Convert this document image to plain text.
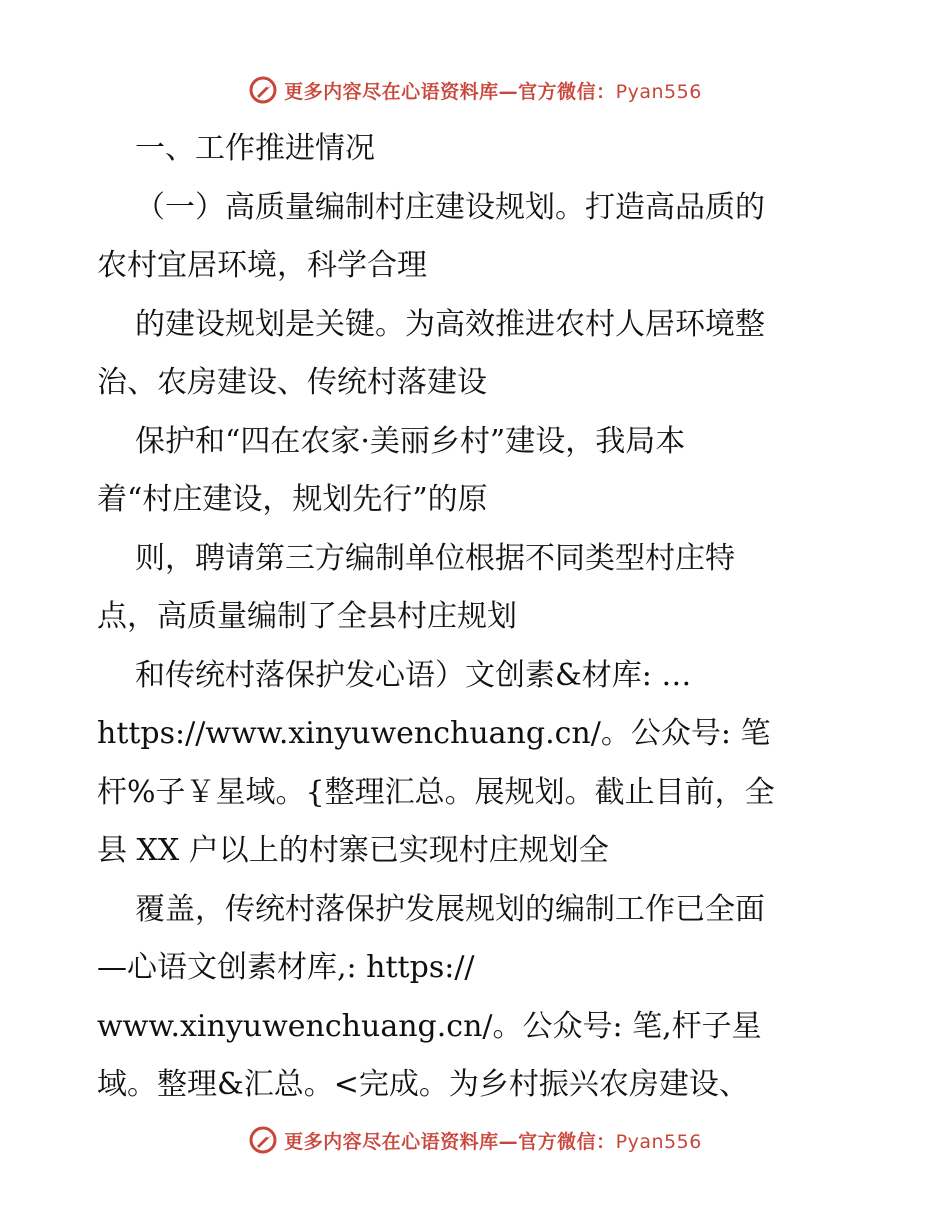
更多内容尽在心语资料库—官方微信：Pyan556
一、工作推进情况
（一）高质量编制村庄建设规划。打造高品质的
农村宜居环境，科学合理
的建设规划是关键。为高效推进农村人居环境整
治、农房建设、传统村落建设
保护和“四在农家·美丽乡村”建设，我局本
着“村庄建设，规划先行”的原
则，聘请第三方编制单位根据不同类型村庄特
点，高质量编制了全县村庄规划
和传统村落保护发心语）文创素&材库: …
https://www.xinyuwenchuang.cn/。公众号: 笔
杆%子￥星域。{整理汇总。展规划。截止目前，全
县 XX 户以上的村寨已实现村庄规划全
覆盖，传统村落保护发展规划的编制工作已全面
—心语文创素材库,: https://
www.xinyuwenchuang.cn/。公众号: 笔,杆子星
域。整理&汇总。<完成。为乡村振兴农房建设、
更多内容尽在心语资料库—官方微信：Pyan556
